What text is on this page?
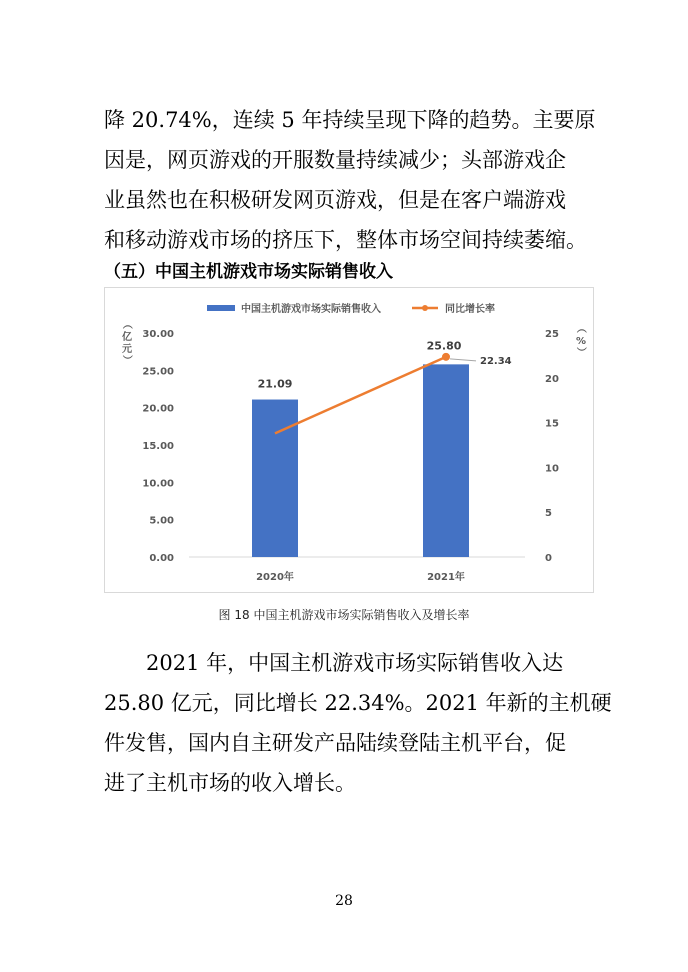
降 20.74%，连续 5 年持续呈现下降的趋势。主要原
因是，网页游戏的开服数量持续减少；头部游戏企
业虽然也在积极研发网页游戏，但是在客户端游戏
和移动游戏市场的挤压下，整体市场空间持续萎缩。
（五）中国主机游戏市场实际销售收入
中国主机游戏市场实际销售收入	同比增长率
（
亿
元
）
（
%
）
0.00
5.00
10.00
15.00
20.00
25.00
30.00
0
5
10
15
20
25
21.09
25.80
22.34
2020年	2021年

图 18 中国主机游戏市场实际销售收入及增长率

2021 年，中国主机游戏市场实际销售收入达
25.80 亿元，同比增长 22.34%。2021 年新的主机硬
件发售，国内自主研发产品陆续登陆主机平台，促
进了主机市场的收入增长。
28
